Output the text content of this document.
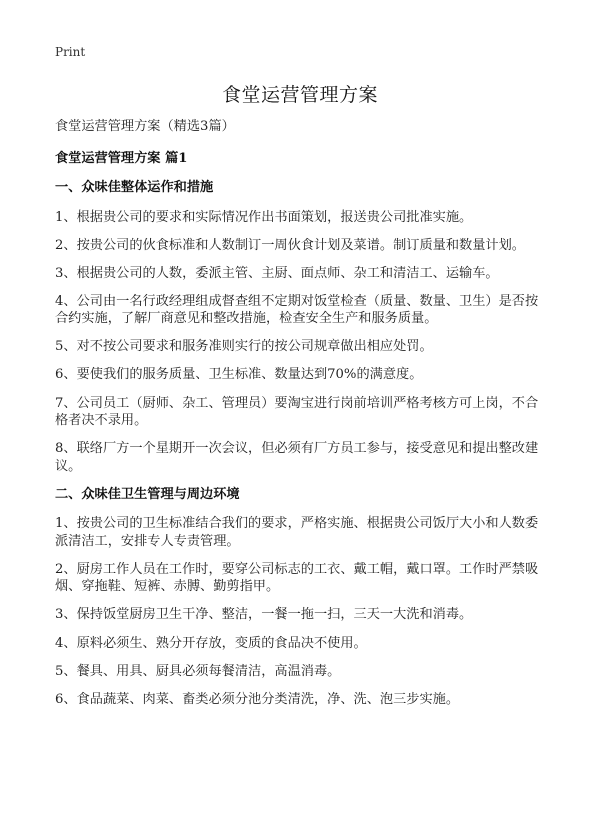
Print
食堂运营管理方案

食堂运营管理方案（精选3篇）

食堂运营管理方案 篇1

一、众味佳整体运作和措施

1、根据贵公司的要求和实际情况作出书面策划，报送贵公司批准实施。

2、按贵公司的伙食标准和人数制订一周伙食计划及菜谱。制订质量和数量计划。

3、根据贵公司的人数，委派主管、主厨、面点师、杂工和清洁工、运输车。

4、公司由一名行政经理组成督查组不定期对饭堂检查（质量、数量、卫生）是否按合约实施，了解厂商意见和整改措施，检查安全生产和服务质量。

5、对不按公司要求和服务准则实行的按公司规章做出相应处罚。

6、要使我们的服务质量、卫生标准、数量达到70%的满意度。

7、公司员工（厨师、杂工、管理员）要淘宝进行岗前培训严格考核方可上岗，不合格者决不录用。

8、联络厂方一个星期开一次会议，但必须有厂方员工参与，接受意见和提出整改建议。

二、众味佳卫生管理与周边环境

1、按贵公司的卫生标准结合我们的要求，严格实施、根据贵公司饭厅大小和人数委派清洁工，安排专人专责管理。

2、厨房工作人员在工作时，要穿公司标志的工衣、戴工帽，戴口罩。工作时严禁吸烟、穿拖鞋、短裤、赤膊、勤剪指甲。

3、保持饭堂厨房卫生干净、整洁，一餐一拖一扫，三天一大洗和消毒。

4、原料必须生、熟分开存放，变质的食品决不使用。

5、餐具、用具、厨具必须每餐清洁，高温消毒。

6、食品蔬菜、肉菜、畜类必须分池分类清洗，净、洗、泡三步实施。
